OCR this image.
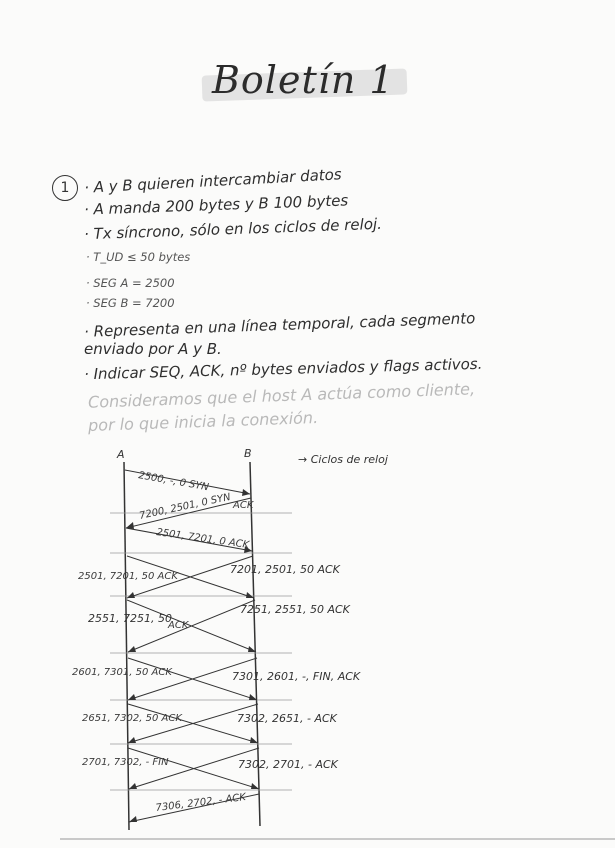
Boletín 1
1 · A y B quieren intercambiar datos
· A manda 200 bytes y B 100 bytes
· Tx síncrono, sólo en los ciclos de reloj.
· T_UD ≤ 50 bytes
· SEG A = 2500
· SEG B = 7200
· Representa en una línea temporal, cada segmento
enviado por A y B.
· Indicar SEQ, ACK, nº bytes enviados y flags activos.
Consideramos que el host A actúa como cliente,
por lo que inicia la conexión.
A	B	→ Ciclos de reloj
2500, -, 0 SYN
7200, 2501, 0 SYN ACK
2501, 7201, 0 ACK
2501, 7201, 50 ACK
7201, 2501, 50 ACK
2551, 7251, 50
ACK
7251, 2551, 50 ACK
2601, 7301, 50 ACK	7301, 2601, -, FIN, ACK
2651, 7302, 50 ACK	7302, 2651, - ACK
2701, 7302, - FIN	7302, 2701, - ACK
7306, 2702, - ACK
